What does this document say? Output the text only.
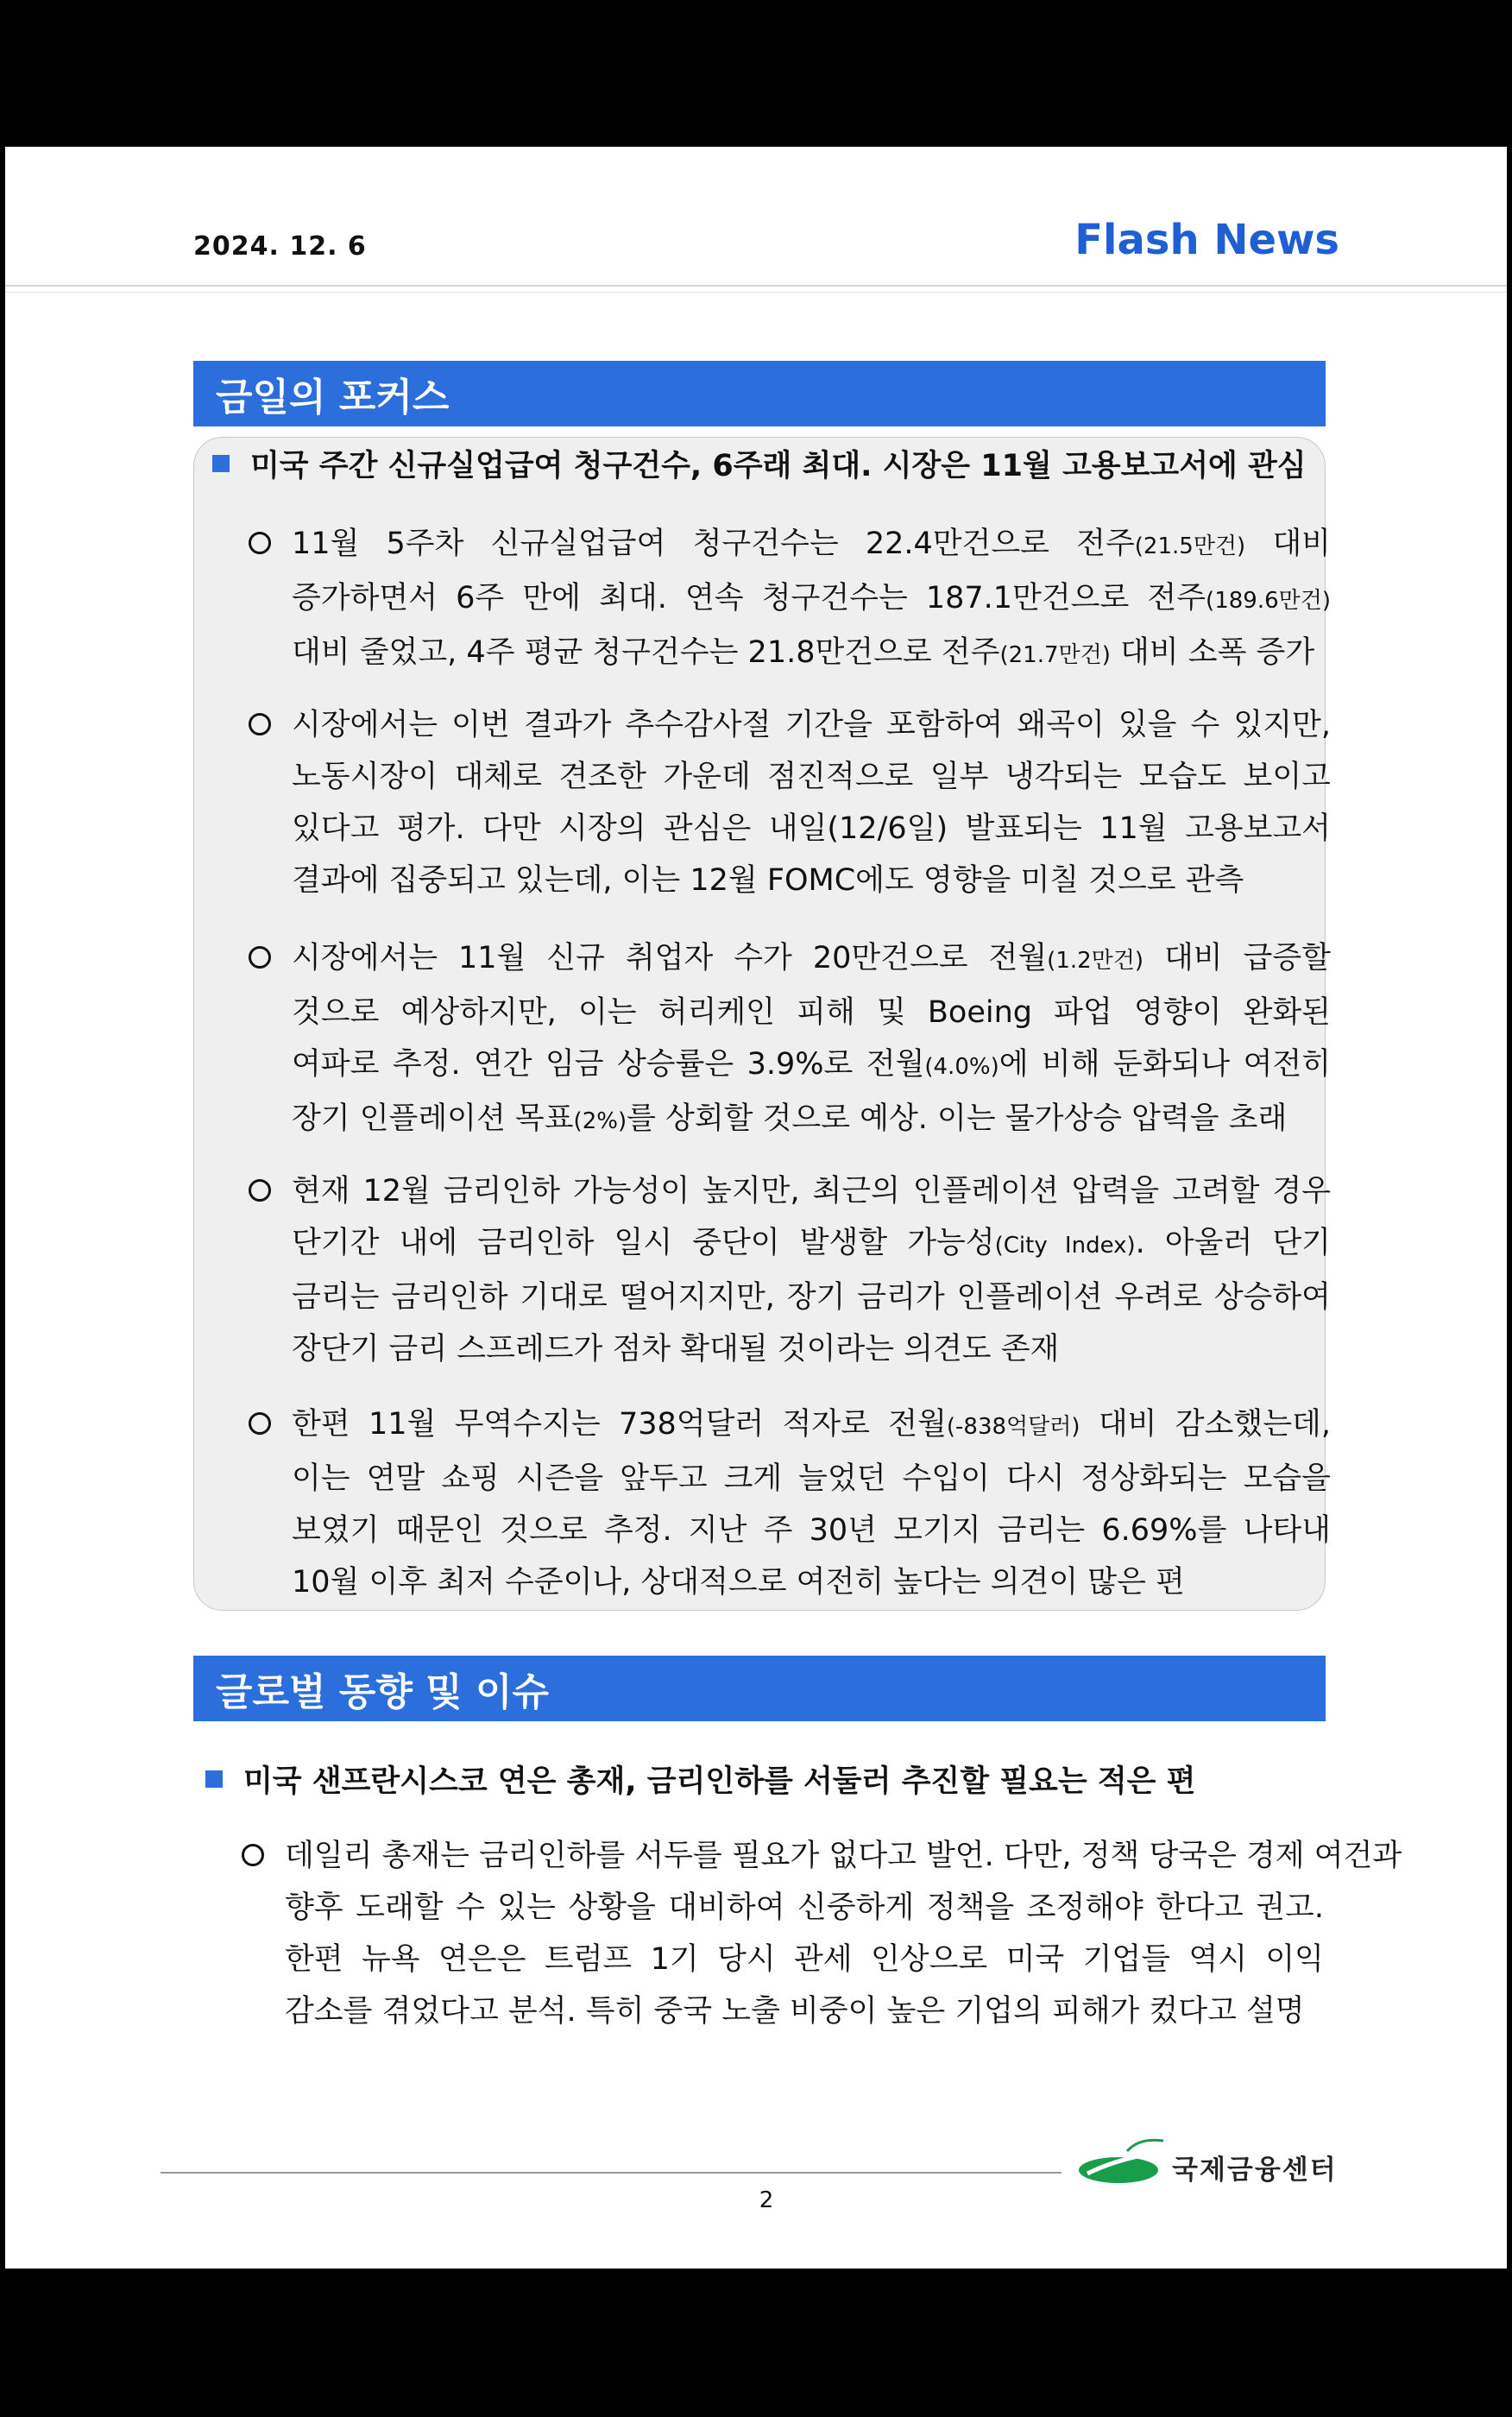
2024. 12. 6	Flash News
금일의 포커스
미국 주간 신규실업급여 청구건수, 6주래 최대. 시장은 11월 고용보고서에 관심
11월 5주차 신규실업급여 청구건수는 22.4만건으로 전주(21.5만건) 대비
증가하면서 6주 만에 최대. 연속 청구건수는 187.1만건으로 전주(189.6만건)
대비 줄었고, 4주 평균 청구건수는 21.8만건으로 전주(21.7만건) 대비 소폭 증가
시장에서는 이번 결과가 추수감사절 기간을 포함하여 왜곡이 있을 수 있지만,
노동시장이 대체로 견조한 가운데 점진적으로 일부 냉각되는 모습도 보이고
있다고 평가. 다만 시장의 관심은 내일(12/6일) 발표되는 11월 고용보고서
결과에 집중되고 있는데, 이는 12월 FOMC에도 영향을 미칠 것으로 관측
시장에서는 11월 신규 취업자 수가 20만건으로 전월(1.2만건) 대비 급증할
것으로 예상하지만, 이는 허리케인 피해 및 Boeing 파업 영향이 완화된
여파로 추정. 연간 임금 상승률은 3.9%로 전월(4.0%)에 비해 둔화되나 여전히
장기 인플레이션 목표(2%)를 상회할 것으로 예상. 이는 물가상승 압력을 초래
현재 12월 금리인하 가능성이 높지만, 최근의 인플레이션 압력을 고려할 경우
단기간 내에 금리인하 일시 중단이 발생할 가능성(City Index). 아울러 단기
금리는 금리인하 기대로 떨어지지만, 장기 금리가 인플레이션 우려로 상승하여
장단기 금리 스프레드가 점차 확대될 것이라는 의견도 존재
한편 11월 무역수지는 738억달러 적자로 전월(-838억달러) 대비 감소했는데,
이는 연말 쇼핑 시즌을 앞두고 크게 늘었던 수입이 다시 정상화되는 모습을
보였기 때문인 것으로 추정. 지난 주 30년 모기지 금리는 6.69%를 나타내
10월 이후 최저 수준이나, 상대적으로 여전히 높다는 의견이 많은 편
글로벌 동향 및 이슈
미국 샌프란시스코 연은 총재, 금리인하를 서둘러 추진할 필요는 적은 편
데일리 총재는 금리인하를 서두를 필요가 없다고 발언. 다만, 정책 당국은 경제 여건과
향후 도래할 수 있는 상황을 대비하여 신중하게 정책을 조정해야 한다고 권고.
한편 뉴욕 연은은 트럼프 1기 당시 관세 인상으로 미국 기업들 역시 이익
감소를 겪었다고 분석. 특히 중국 노출 비중이 높은 기업의 피해가 컸다고 설명
국제금융센터
2
